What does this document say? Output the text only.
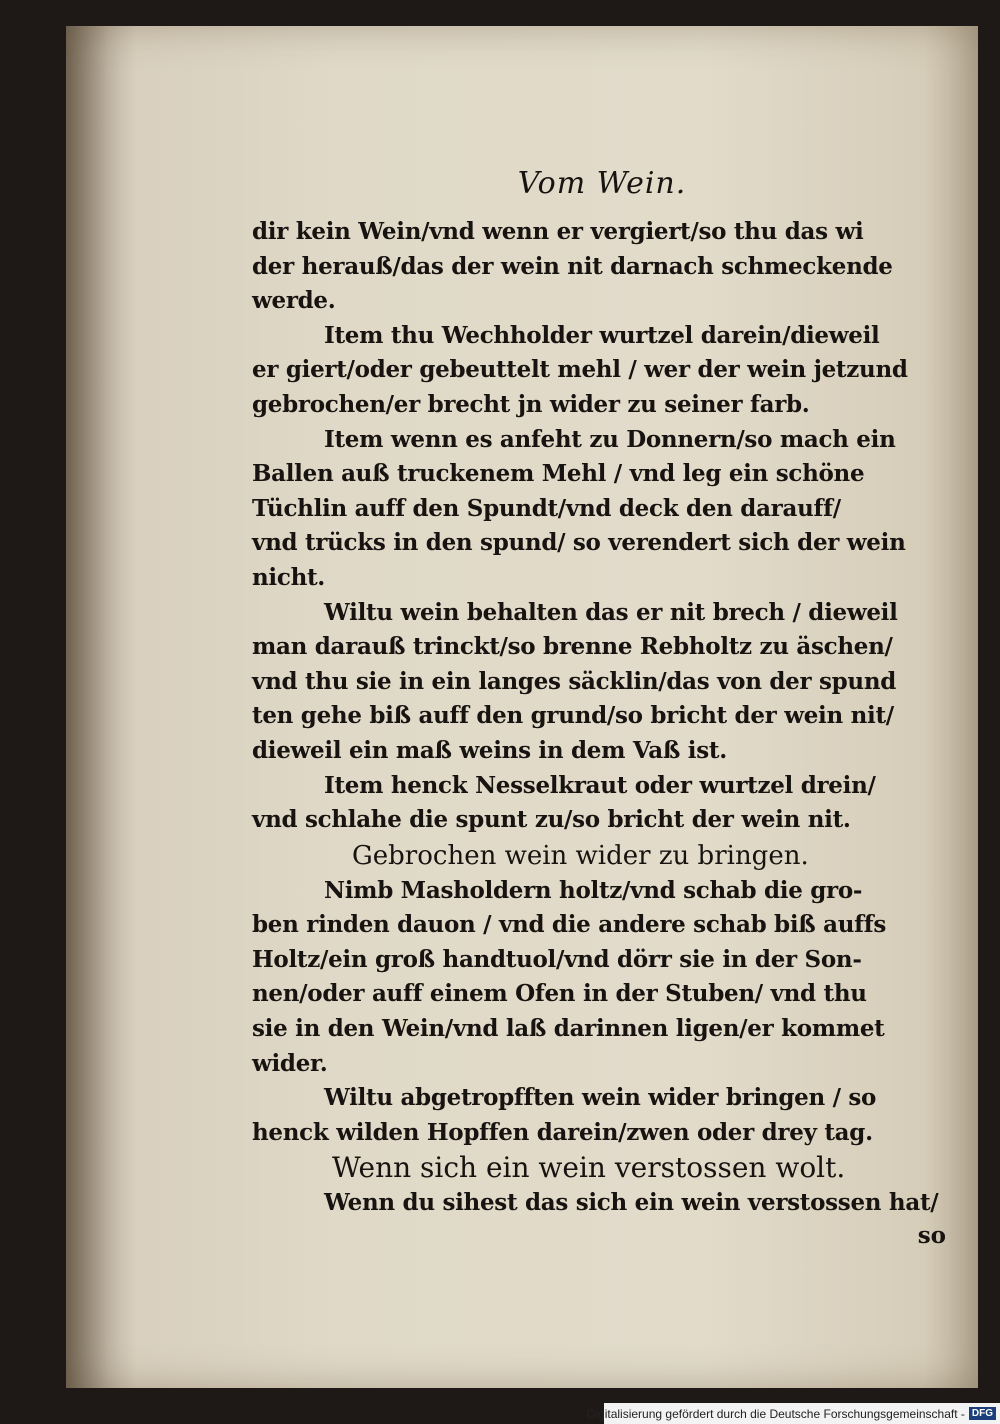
Vom Wein.
dir kein Wein/vnd wenn er vergiert/so thu das wi
der herauß/das der wein nit darnach schmeckende
werde.
Item thu Wechholder wurtzel darein/dieweil
er giert/oder gebeuttelt mehl / wer der wein jetzund
gebrochen/er brecht jn wider zu seiner farb.
Item wenn es anfeht zu Donnern/so mach ein
Ballen auß truckenem Mehl / vnd leg ein schöne
Tüchlin auff den Spundt/vnd deck den darauff/
vnd trücks in den spund/ so verendert sich der wein
nicht.
Wiltu wein behalten das er nit brech / dieweil
man darauß trinckt/so brenne Rebholtz zu äschen/
vnd thu sie in ein langes säcklin/das von der spund
ten gehe biß auff den grund/so bricht der wein nit/
dieweil ein maß weins in dem Vaß ist.
Item henck Nesselkraut oder wurtzel drein/
vnd schlahe die spunt zu/so bricht der wein nit.
Gebrochen wein wider zu bringen.
Nimb Masholdern holtz/vnd schab die gro-
ben rinden dauon / vnd die andere schab biß auffs
Holtz/ein groß handtuol/vnd dörr sie in der Son-
nen/oder auff einem Ofen in der Stuben/ vnd thu
sie in den Wein/vnd laß darinnen ligen/er kommet
wider.
Wiltu abgetropfften wein wider bringen / so
henck wilden Hopffen darein/zwen oder drey tag.
Wenn sich ein wein verstossen wolt.
Wenn du sihest das sich ein wein verstossen hat/
so
Digitalisierung gefördert durch die Deutsche Forschungsgemeinschaft - DFG
